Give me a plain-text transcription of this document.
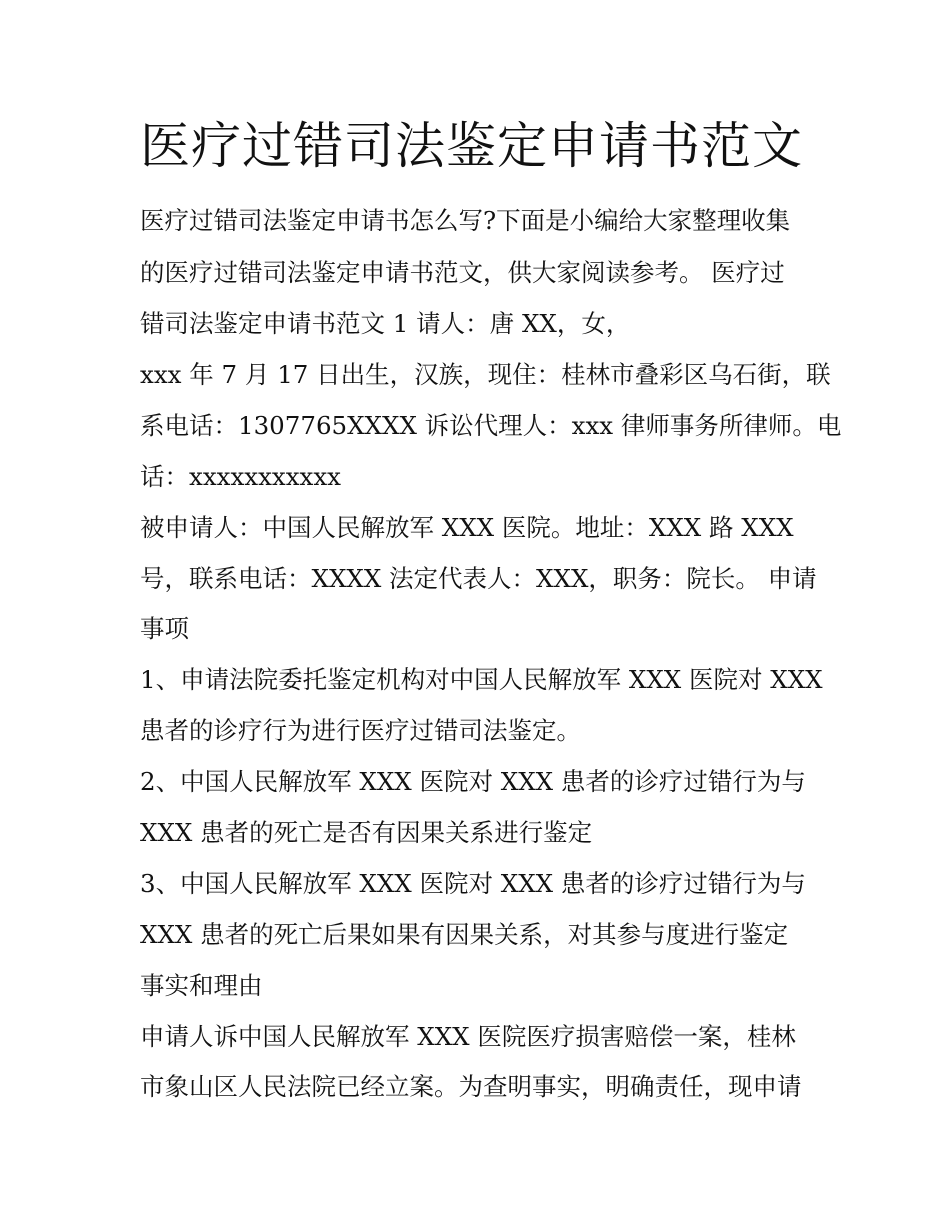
医疗过错司法鉴定申请书范文

医疗过错司法鉴定申请书怎么写?下面是小编给大家整理收集

的医疗过错司法鉴定申请书范文，供大家阅读参考。 医疗过

错司法鉴定申请书范文 1 请人：唐 XX，女，

xxx 年 7 月 17 日出生，汉族，现住：桂林市叠彩区乌石街，联

系电话：1307765XXXX 诉讼代理人：xxx 律师事务所律师。电

话：xxxxxxxxxxx

被申请人：中国人民解放军 XXX 医院。地址：XXX 路 XXX

号，联系电话：XXXX 法定代表人：XXX，职务：院长。 申请

事项

1、申请法院委托鉴定机构对中国人民解放军 XXX 医院对 XXX

患者的诊疗行为进行医疗过错司法鉴定。

2、中国人民解放军 XXX 医院对 XXX 患者的诊疗过错行为与

XXX 患者的死亡是否有因果关系进行鉴定

3、中国人民解放军 XXX 医院对 XXX 患者的诊疗过错行为与

XXX 患者的死亡后果如果有因果关系，对其参与度进行鉴定

事实和理由

申请人诉中国人民解放军 XXX 医院医疗损害赔偿一案，桂林

市象山区人民法院已经立案。为查明事实，明确责任，现申请
